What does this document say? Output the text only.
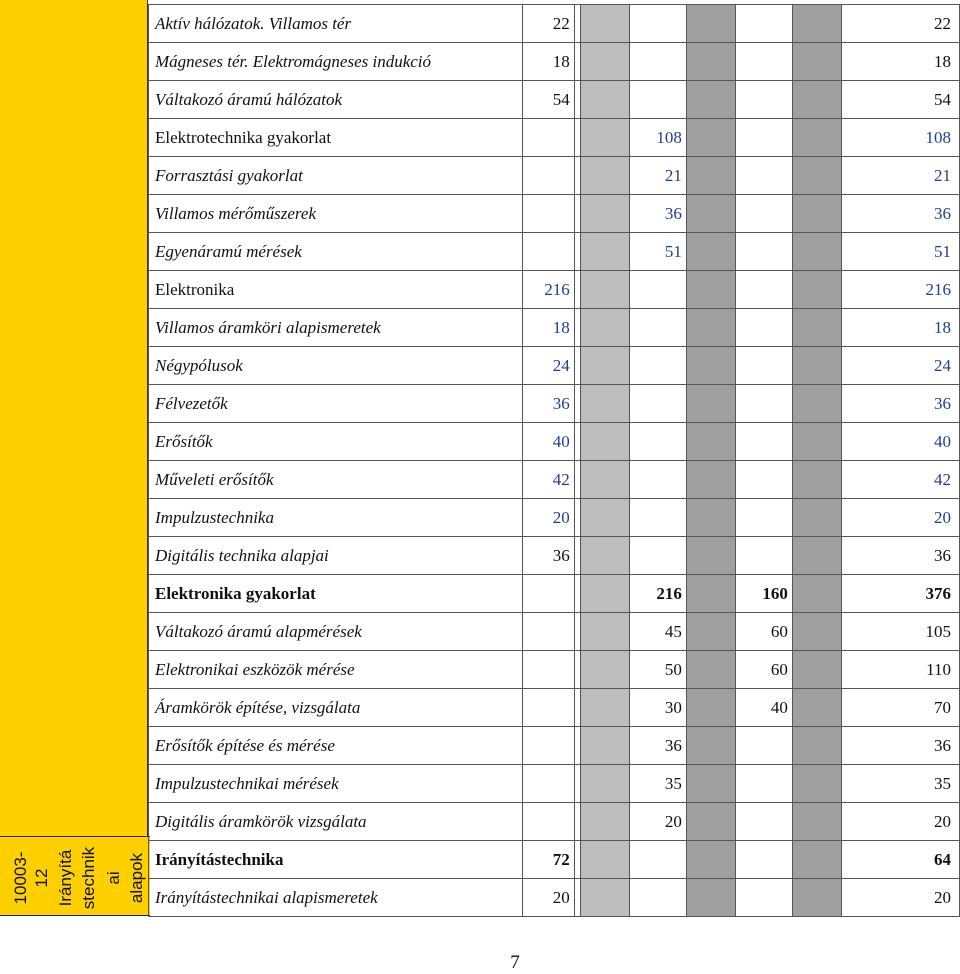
10003- 12 Irányítá stechnik ai alapok
Aktív hálózatok. Villamos tér	22							22
Mágneses tér. Elektromágneses indukció	18							18
Váltakozó áramú hálózatok	54							54
Elektrotechnika gyakorlat				108				108
Forrasztási gyakorlat				21				21
Villamos mérőműszerek				36				36
Egyenáramú mérések				51				51
Elektronika	216							216
Villamos áramköri alapismeretek	18							18
Négypólusok	24							24
Félvezetők	36							36
Erősítők	40							40
Műveleti erősítők	42							42
Impulzustechnika	20							20
Digitális technika alapjai	36							36
Elektronika gyakorlat				216		160		376
Váltakozó áramú alapmérések				45		60		105
Elektronikai eszközök mérése				50		60		110
Áramkörök építése, vizsgálata				30		40		70
Erősítők építése és mérése				36				36
Impulzustechnikai mérések				35				35
Digitális áramkörök vizsgálata				20				20
Irányítástechnika	72							64
Irányítástechnikai alapismeretek	20							20
7
